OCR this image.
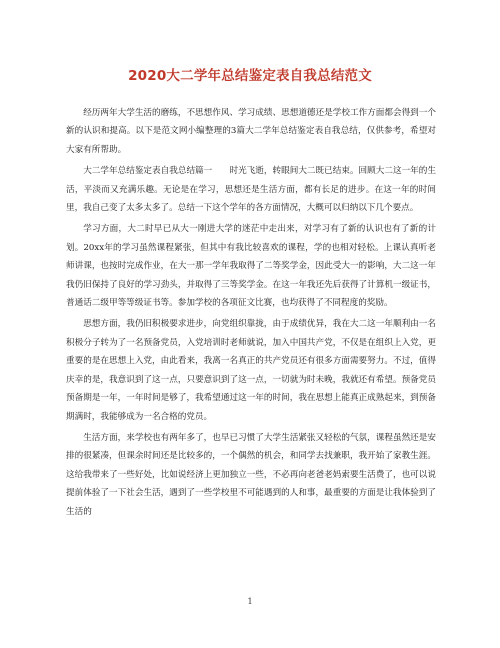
2020大二学年总结鉴定表自我总结范文

经历两年大学生活的磨练，不思想作风、学习成绩、思想道德还是学校工作方面都会得到一个新的认识和提高。以下是范文网小编整理的3篇大二学年总结鉴定表自我总结，仅供参考，希望对大家有所帮助。

大二学年总结鉴定表自我总结篇一　　时光飞逝，转眼间大二既已结束。回顾大二这一年的生活，平淡而又充满乐趣。无论是在学习，思想还是生活方面，都有长足的进步。在这一年的时间里，我自己变了太多太多了。总结一下这个学年的各方面情况，大概可以归纳以下几个要点。

学习方面，大二时早已从大一刚进大学的迷茫中走出来，对学习有了新的认识也有了新的计划。20xx年的学习虽然课程紧张，但其中有我比较喜欢的课程，学的也相对轻松。上课认真听老师讲课，也按时完成作业，在大一那一学年我取得了二等奖学金，因此受大一的影响，大二这一年我仍旧保持了良好的学习劲头，并取得了三等奖学金。在这一年我还先后获得了计算机一级证书，普通话二级甲等等级证书等。参加学校的各项征文比赛，也均获得了不同程度的奖励。

思想方面，我仍旧积极要求进步，向党组织靠拢，由于成绩优异，我在大二这一年顺利由一名积极分子转为了一名预备党员，入党培训时老师就说，加入中国共产党，不仅是在组织上入党，更重要的是在思想上入党，由此看来，我离一名真正的共产党员还有很多方面需要努力。不过，值得庆幸的是，我意识到了这一点，只要意识到了这一点，一切就为时未晚，我就还有希望。预备党员预备期是一年，一年时间是够了，我希望通过这一年的时间，我在思想上能真正成熟起来，到预备期满时，我能够成为一名合格的党员。

生活方面，来学校也有两年多了，也早已习惯了大学生活紧张又轻松的气氛，课程虽然还是安排的很紧凑，但课余时间还是比较多的，一个偶然的机会，和同学去找兼职，我开始了家教生涯。这给我带来了一些好处，比如说经济上更加独立一些，不必再向老爸老妈索要生活费了，也可以说提前体验了一下社会生活，遇到了一些学校里不可能遇到的人和事，最重要的方面是让我体验到了生活的

1
